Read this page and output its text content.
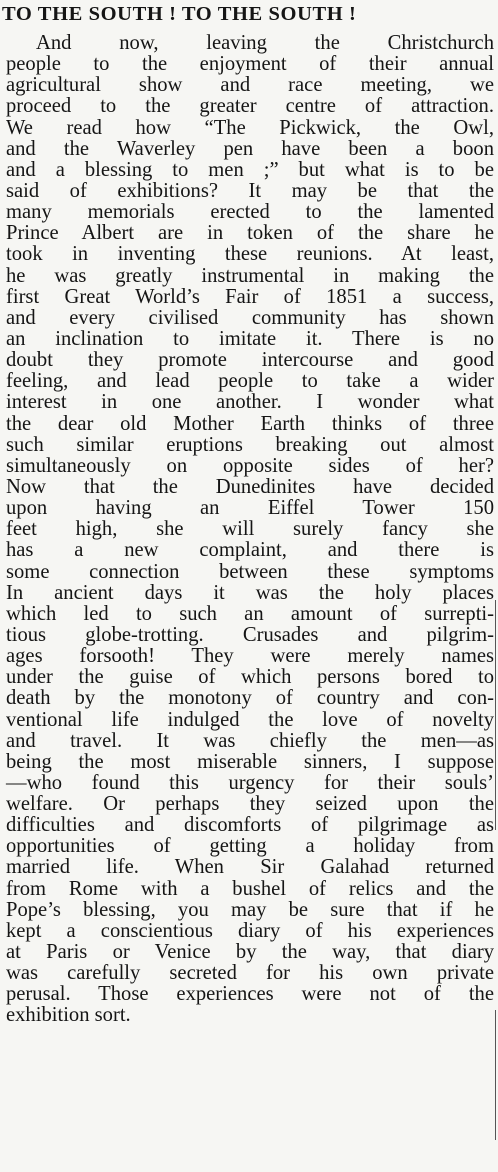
TO THE SOUTH ! TO THE SOUTH !
And now, leaving the Christchurch
people to the enjoyment of their annual
agricultural show and race meeting, we
proceed to the greater centre of attraction.
We read how “The Pickwick, the Owl,
and the Waverley pen have been a boon
and a blessing to men ;” but what is to be
said of exhibitions? It may be that the
many memorials erected to the lamented
Prince Albert are in token of the share he
took in inventing these reunions. At least,
he was greatly instrumental in making the
first Great World’s Fair of 1851 a success,
and every civilised community has shown
an inclination to imitate it. There is no
doubt they promote intercourse and good
feeling, and lead people to take a wider
interest in one another. I wonder what
the dear old Mother Earth thinks of three
such similar eruptions breaking out almost
simultaneously on opposite sides of her?
Now that the Dunedinites have decided
upon having an Eiffel Tower 150
feet high, she will surely fancy she
has a new complaint, and there is
some connection between these symptoms
In ancient days it was the holy places
which led to such an amount of surrepti-
tious globe-trotting. Crusades and pilgrim-
ages forsooth! They were merely names
under the guise of which persons bored to
death by the monotony of country and con-
ventional life indulged the love of novelty
and travel. It was chiefly the men—as
being the most miserable sinners, I suppose
—who found this urgency for their souls’
welfare. Or perhaps they seized upon the
difficulties and discomforts of pilgrimage as
opportunities of getting a holiday from
married life. When Sir Galahad returned
from Rome with a bushel of relics and the
Pope’s blessing, you may be sure that if he
kept a conscientious diary of his experiences
at Paris or Venice by the way, that diary
was carefully secreted for his own private
perusal. Those experiences were not of the
exhibition sort.
